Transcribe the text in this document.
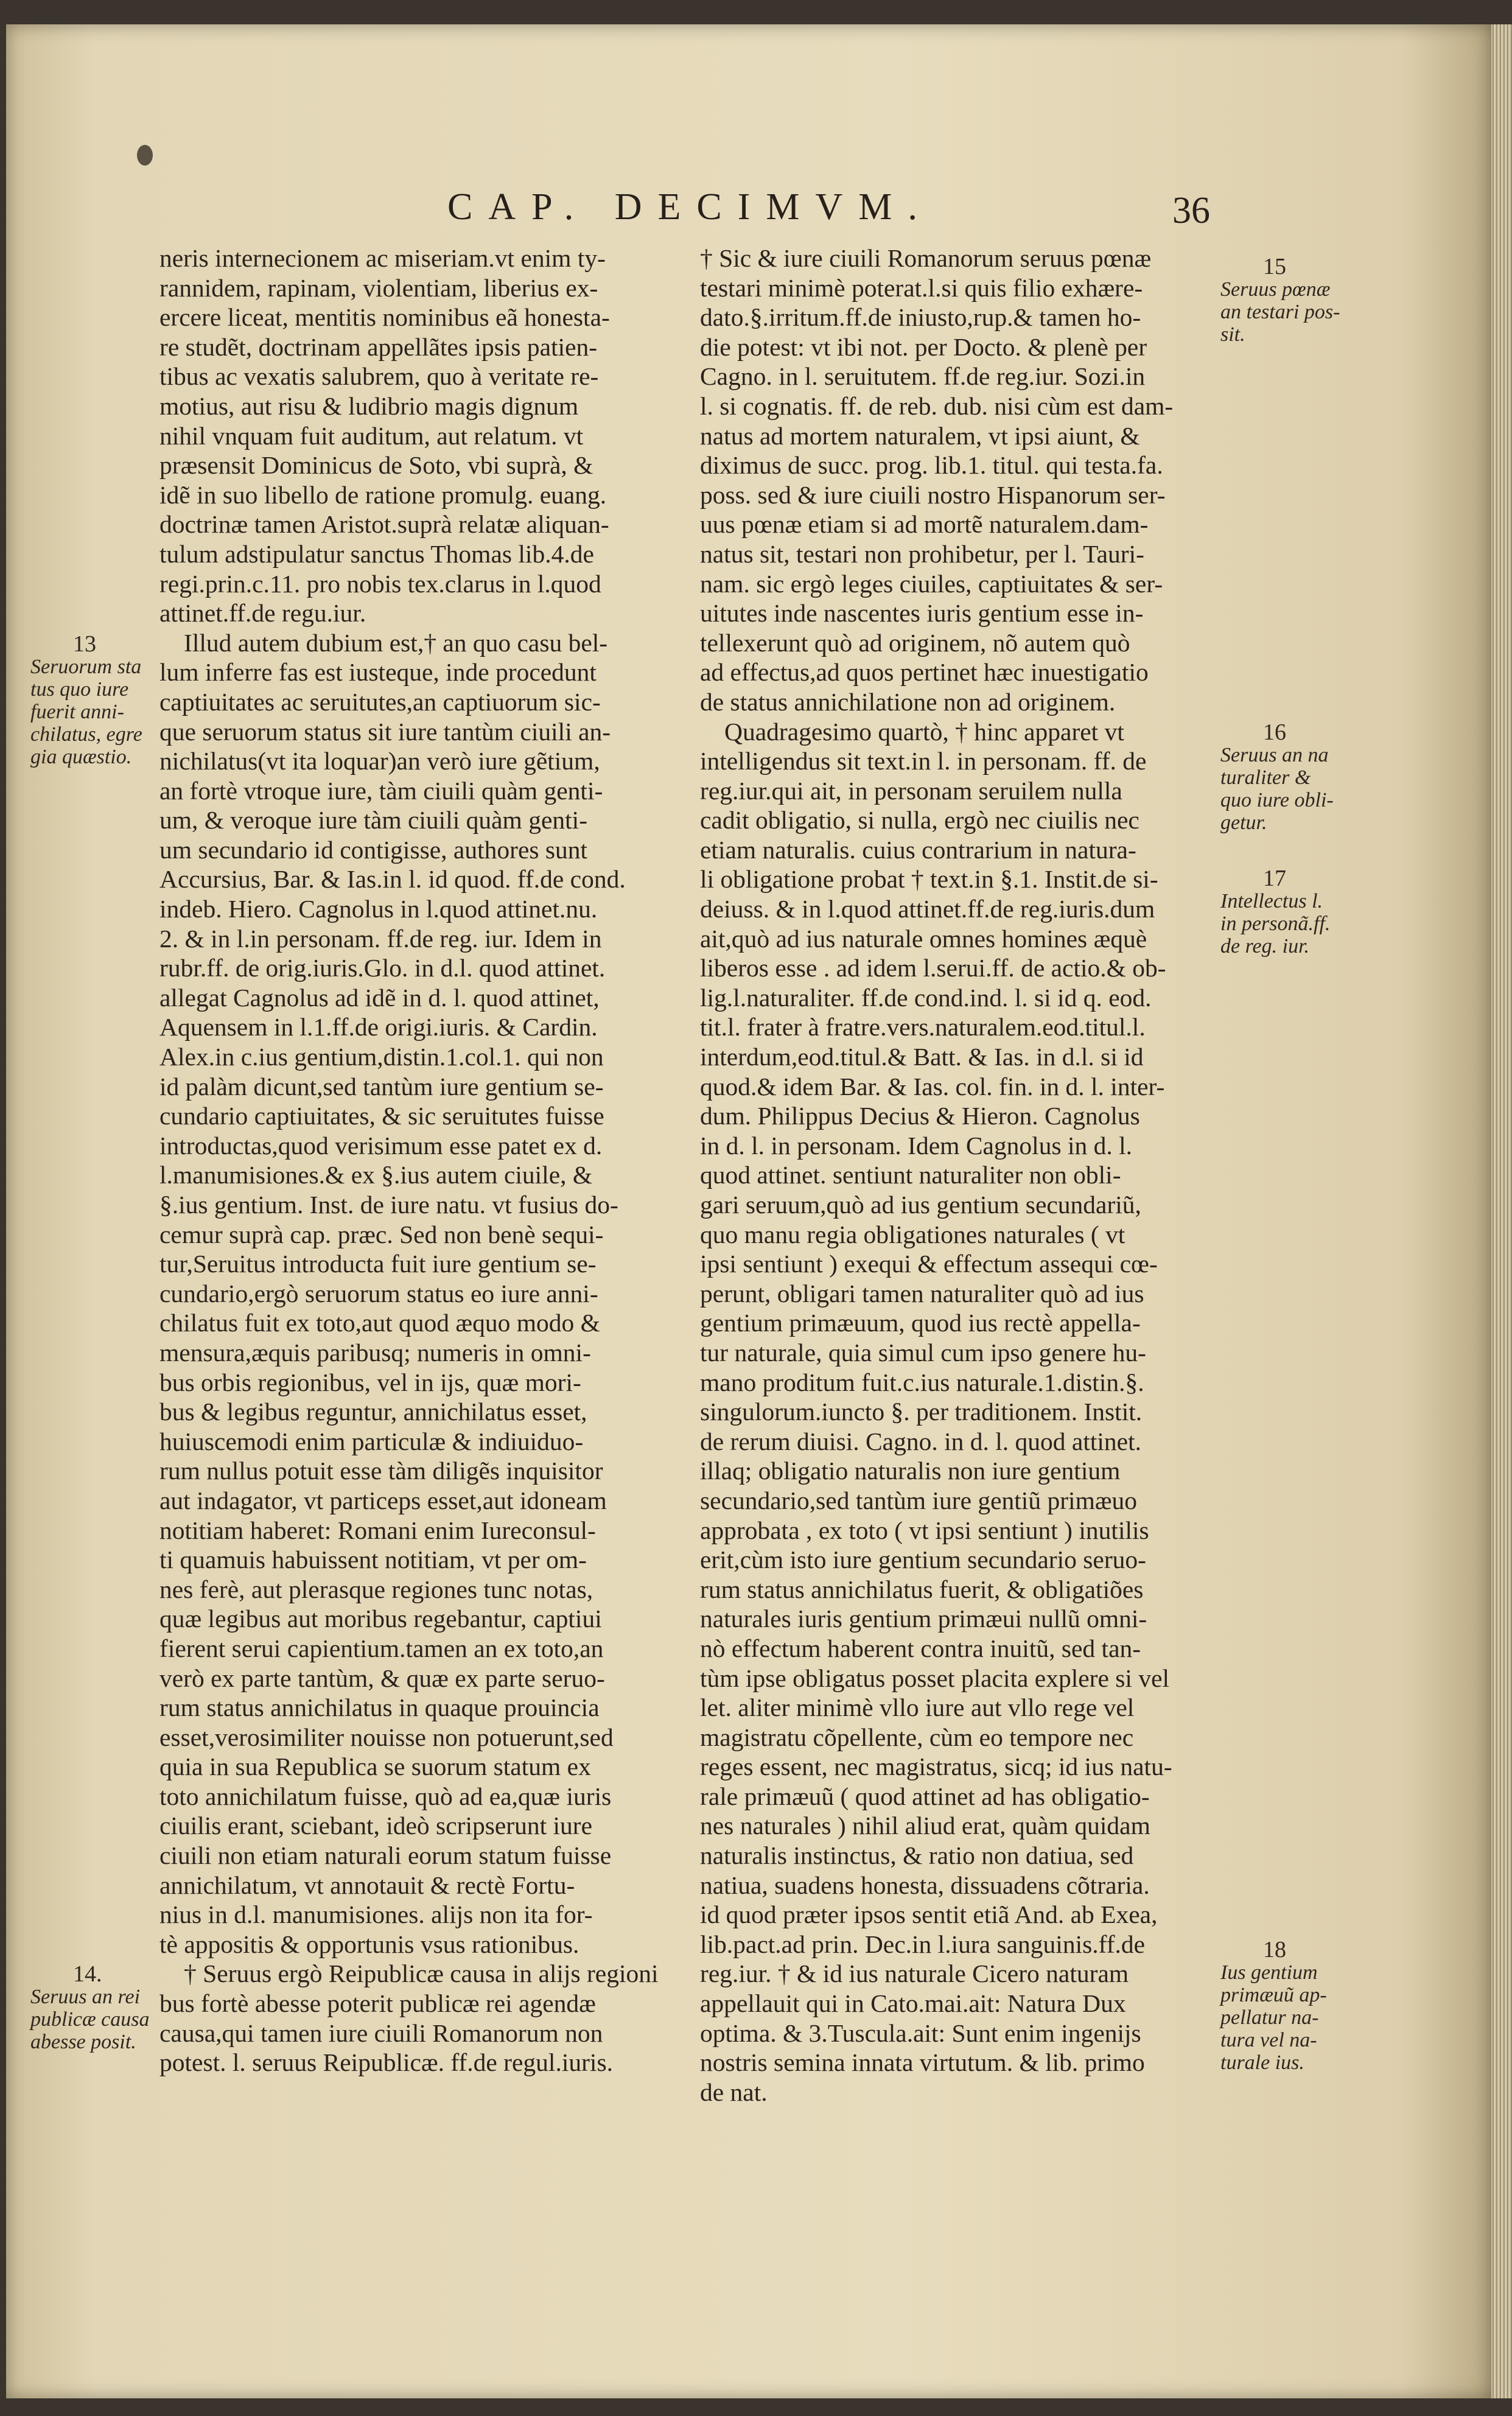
CAP. DECIMVM.	36
neris internecionem ac miseriam.vt enim ty-
rannidem, rapinam, violentiam, liberius ex-
ercere liceat, mentitis nominibus eã honesta-
re studẽt, doctrinam appellãtes ipsis patien-
tibus ac vexatis salubrem, quo à veritate re-
motius, aut risu & ludibrio magis dignum
nihil vnquam fuit auditum, aut relatum. vt
præsensit Dominicus de Soto, vbi suprà, &
idẽ in suo libello de ratione promulg. euang.
doctrinæ tamen Aristot.suprà relatæ aliquan-
tulum adstipulatur sanctus Thomas lib.4.de
regi.prin.c.11. pro nobis tex.clarus in l.quod
attinet.ff.de regu.iur.
Illud autem dubium est,† an quo casu bel-
lum inferre fas est iusteque, inde procedunt
captiuitates ac seruitutes,an captiuorum sic-
que seruorum status sit iure tantùm ciuili an-
nichilatus(vt ita loquar)an verò iure gẽtium,
an fortè vtroque iure, tàm ciuili quàm genti-
um, & veroque iure tàm ciuili quàm genti-
um secundario id contigisse, authores sunt
Accursius, Bar. & Ias.in l. id quod. ff.de cond.
indeb. Hiero. Cagnolus in l.quod attinet.nu.
2. & in l.in personam. ff.de reg. iur. Idem in
rubr.ff. de orig.iuris.Glo. in d.l. quod attinet.
allegat Cagnolus ad idẽ in d. l. quod attinet,
Aquensem in l.1.ff.de origi.iuris. & Cardin.
Alex.in c.ius gentium,distin.1.col.1. qui non
id palàm dicunt,sed tantùm iure gentium se-
cundario captiuitates, & sic seruitutes fuisse
introductas,quod verisimum esse patet ex d.
l.manumisiones.& ex §.ius autem ciuile, &
§.ius gentium. Inst. de iure natu. vt fusius do-
cemur suprà cap. præc. Sed non benè sequi-
tur,Seruitus introducta fuit iure gentium se-
cundario,ergò seruorum status eo iure anni-
chilatus fuit ex toto,aut quod æquo modo &
mensura,æquis paribusq; numeris in omni-
bus orbis regionibus, vel in ijs, quæ mori-
bus & legibus reguntur, annichilatus esset,
huiuscemodi enim particulæ & indiuiduo-
rum nullus potuit esse tàm diligẽs inquisitor
aut indagator, vt particeps esset,aut idoneam
notitiam haberet: Romani enim Iureconsul-
ti quamuis habuissent notitiam, vt per om-
nes ferè, aut plerasque regiones tunc notas,
quæ legibus aut moribus regebantur, captiui
fierent serui capientium.tamen an ex toto,an
verò ex parte tantùm, & quæ ex parte seruo-
rum status annichilatus in quaque prouincia
esset,verosimiliter nouisse non potuerunt,sed
quia in sua Republica se suorum statum ex
toto annichilatum fuisse, quò ad ea,quæ iuris
ciuilis erant, sciebant, ideò scripserunt iure
ciuili non etiam naturali eorum statum fuisse
annichilatum, vt annotauit & rectè Fortu-
nius in d.l. manumisiones. alijs non ita for-
tè appositis & opportunis vsus rationibus.
† Seruus ergò Reipublicæ causa in alijs regioni
bus fortè abesse poterit publicæ rei agendæ
causa,qui tamen iure ciuili Romanorum non
potest. l. seruus Reipublicæ. ff.de regul.iuris.
† Sic & iure ciuili Romanorum seruus pœnæ
testari minimè poterat.l.si quis filio exhære-
dato.§.irritum.ff.de iniusto,rup.& tamen ho-
die potest: vt ibi not. per Docto. & plenè per
Cagno. in l. seruitutem. ff.de reg.iur. Sozi.in
l. si cognatis. ff. de reb. dub. nisi cùm est dam-
natus ad mortem naturalem, vt ipsi aiunt, &
diximus de succ. prog. lib.1. titul. qui testa.fa.
poss. sed & iure ciuili nostro Hispanorum ser-
uus pœnæ etiam si ad mortẽ naturalem.dam-
natus sit, testari non prohibetur, per l. Tauri-
nam. sic ergò leges ciuiles, captiuitates & ser-
uitutes inde nascentes iuris gentium esse in-
tellexerunt quò ad originem, nõ autem quò
ad effectus,ad quos pertinet hæc inuestigatio
de status annichilatione non ad originem.
Quadragesimo quartò, † hinc apparet vt
intelligendus sit text.in l. in personam. ff. de
reg.iur.qui ait, in personam seruilem nulla
cadit obligatio, si nulla, ergò nec ciuilis nec
etiam naturalis. cuius contrarium in natura-
li obligatione probat † text.in §.1. Instit.de si-
deiuss. & in l.quod attinet.ff.de reg.iuris.dum
ait,quò ad ius naturale omnes homines æquè
liberos esse . ad idem l.serui.ff. de actio.& ob-
lig.l.naturaliter. ff.de cond.ind. l. si id q. eod.
tit.l. frater à fratre.vers.naturalem.eod.titul.l.
interdum,eod.titul.& Batt. & Ias. in d.l. si id
quod.& idem Bar. & Ias. col. fin. in d. l. inter-
dum. Philippus Decius & Hieron. Cagnolus
in d. l. in personam. Idem Cagnolus in d. l.
quod attinet. sentiunt naturaliter non obli-
gari seruum,quò ad ius gentium secundariũ,
quo manu regia obligationes naturales ( vt
ipsi sentiunt ) exequi & effectum assequi cœ-
perunt, obligari tamen naturaliter quò ad ius
gentium primæuum, quod ius rectè appella-
tur naturale, quia simul cum ipso genere hu-
mano proditum fuit.c.ius naturale.1.distin.§.
singulorum.iuncto §. per traditionem. Instit.
de rerum diuisi. Cagno. in d. l. quod attinet.
illaq; obligatio naturalis non iure gentium
secundario,sed tantùm iure gentiũ primæuo
approbata , ex toto ( vt ipsi sentiunt ) inutilis
erit,cùm isto iure gentium secundario seruo-
rum status annichilatus fuerit, & obligatiões
naturales iuris gentium primæui nullũ omni-
nò effectum haberent contra inuitũ, sed tan-
tùm ipse obligatus posset placita explere si vel
let. aliter minimè vllo iure aut vllo rege vel
magistratu cõpellente, cùm eo tempore nec
reges essent, nec magistratus, sicq; id ius natu-
rale primæuũ ( quod attinet ad has obligatio-
nes naturales ) nihil aliud erat, quàm quidam
naturalis instinctus, & ratio non datiua, sed
natiua, suadens honesta, dissuadens cõtraria.
id quod præter ipsos sentit etiã And. ab Exea,
lib.pact.ad prin. Dec.in l.iura sanguinis.ff.de
reg.iur. † & id ius naturale Cicero naturam
appellauit qui in Cato.mai.ait: Natura Dux
optima. & 3.Tuscula.ait: Sunt enim ingenijs
nostris semina innata virtutum. & lib. primo
de nat.
13
Seruorum sta
tus quo iure
fuerit anni-
chilatus, egre
gia quæstio.
14.
Seruus an rei
publicæ causa
abesse posit.
15
Seruus pœnæ
an testari pos-
sit.
16
Seruus an na
turaliter &
quo iure obli-
getur.
17
Intellectus l.
in personã.ff.
de reg. iur.
18
Ius gentium
primæuũ ap-
pellatur na-
tura vel na-
turale ius.
